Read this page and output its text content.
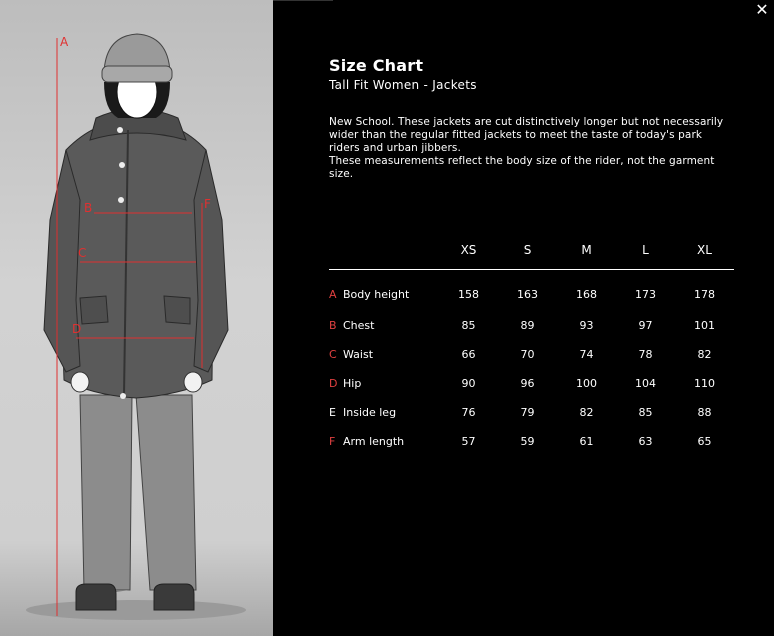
A
B
C
D
F
✕
Size Chart
Tall Fit Women - Jackets

New School. These jackets are cut distinctively longer but not necessarily wider than the regular fitted jackets to meet the taste of today's park riders and urban jibbers.

These measurements reflect the body size of the rider, not the garment size.

	XS	S	M	L	XL
A Body height	158	163	168	173	178
B Chest	85	89	93	97	101
C Waist	66	70	74	78	82
D Hip	90	96	100	104	110
E Inside leg	76	79	82	85	88
F Arm length	57	59	61	63	65
